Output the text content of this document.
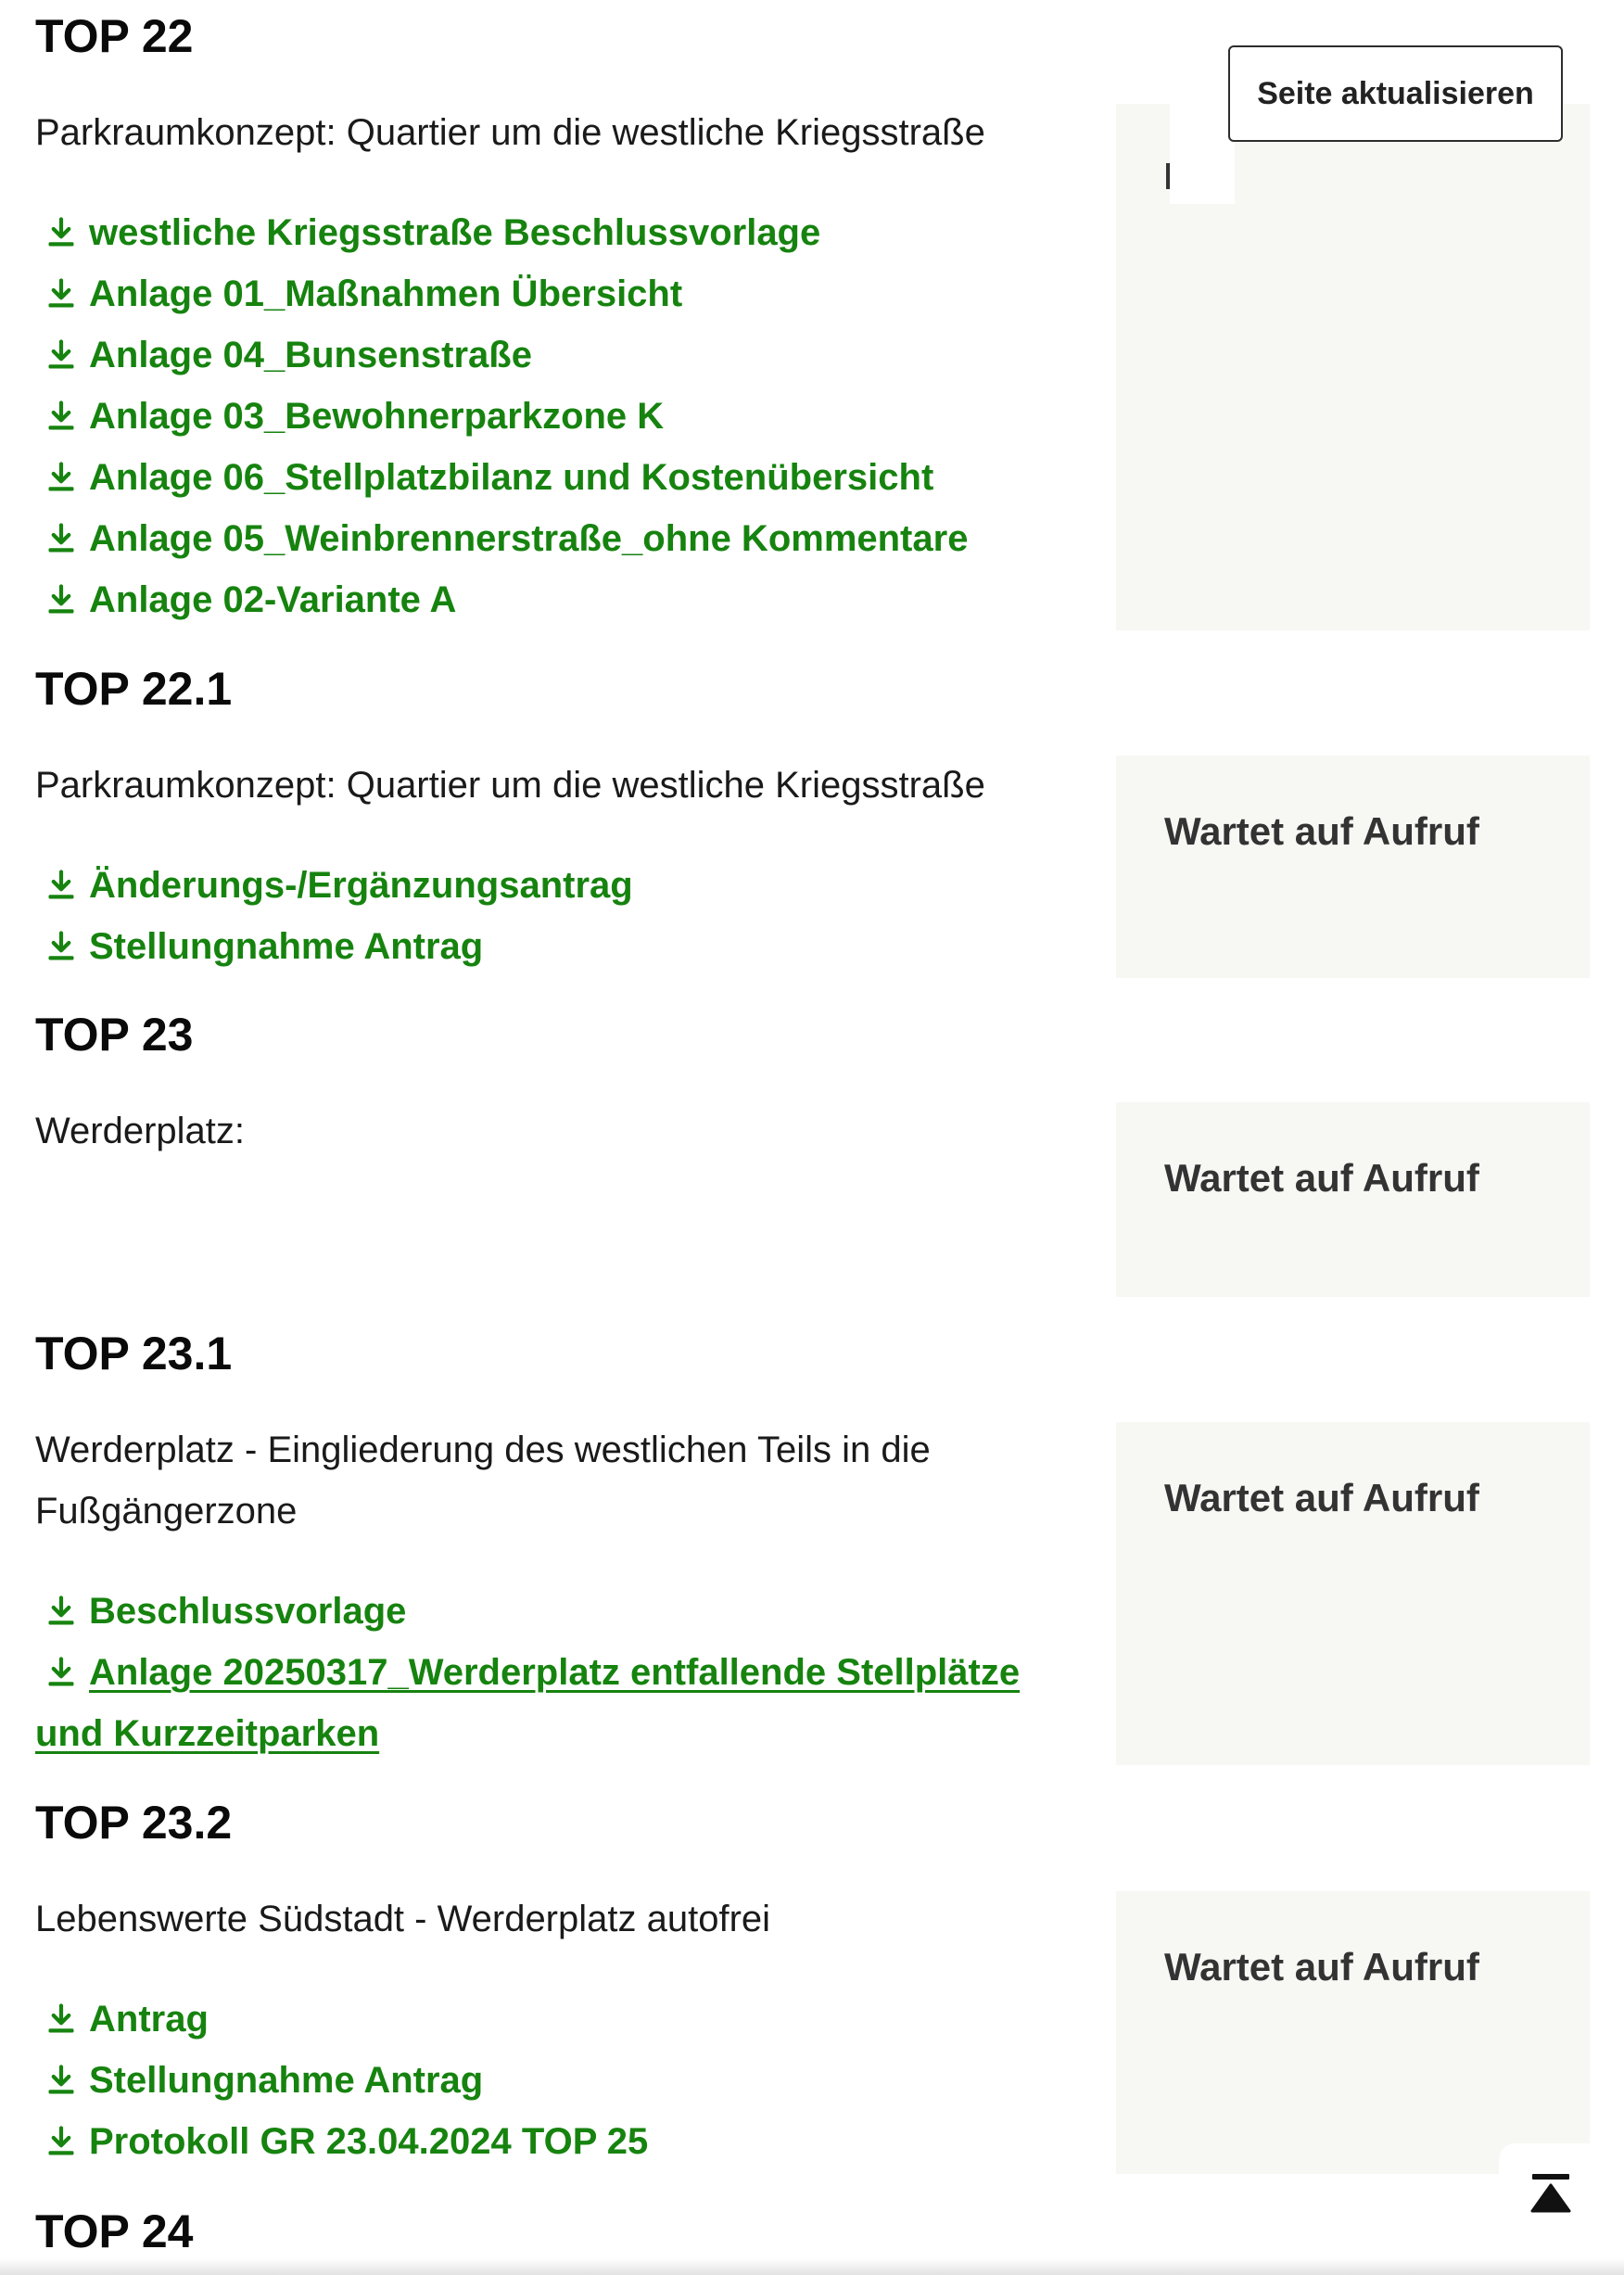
TOP 22

Parkraumkonzept: Quartier um die westliche Kriegsstraße

westliche Kriegsstraße Beschlussvorlage
Anlage 01_Maßnahmen Übersicht
Anlage 04_Bunsenstraße
Anlage 03_Bewohnerparkzone K
Anlage 06_Stellplatzbilanz und Kostenübersicht
Anlage 05_Weinbrennerstraße_ohne Kommentare
Anlage 02-Variante A
TOP 22.1

Parkraumkonzept: Quartier um die westliche Kriegsstraße

Änderungs-/Ergänzungsantrag
Stellungnahme Antrag

Wartet auf Aufruf

TOP 23

Werderplatz:

Wartet auf Aufruf

TOP 23.1

Werderplatz - Eingliederung des westlichen Teils in die Fußgängerzone

Beschlussvorlage
Anlage 20250317_Werderplatz entfallende Stellplätze und Kurzzeitparken

Wartet auf Aufruf

TOP 23.2

Lebenswerte Südstadt - Werderplatz autofrei

Antrag
Stellungnahme Antrag
Protokoll GR 23.04.2024 TOP 25

Wartet auf Aufruf

TOP 24
Seite aktualisieren
